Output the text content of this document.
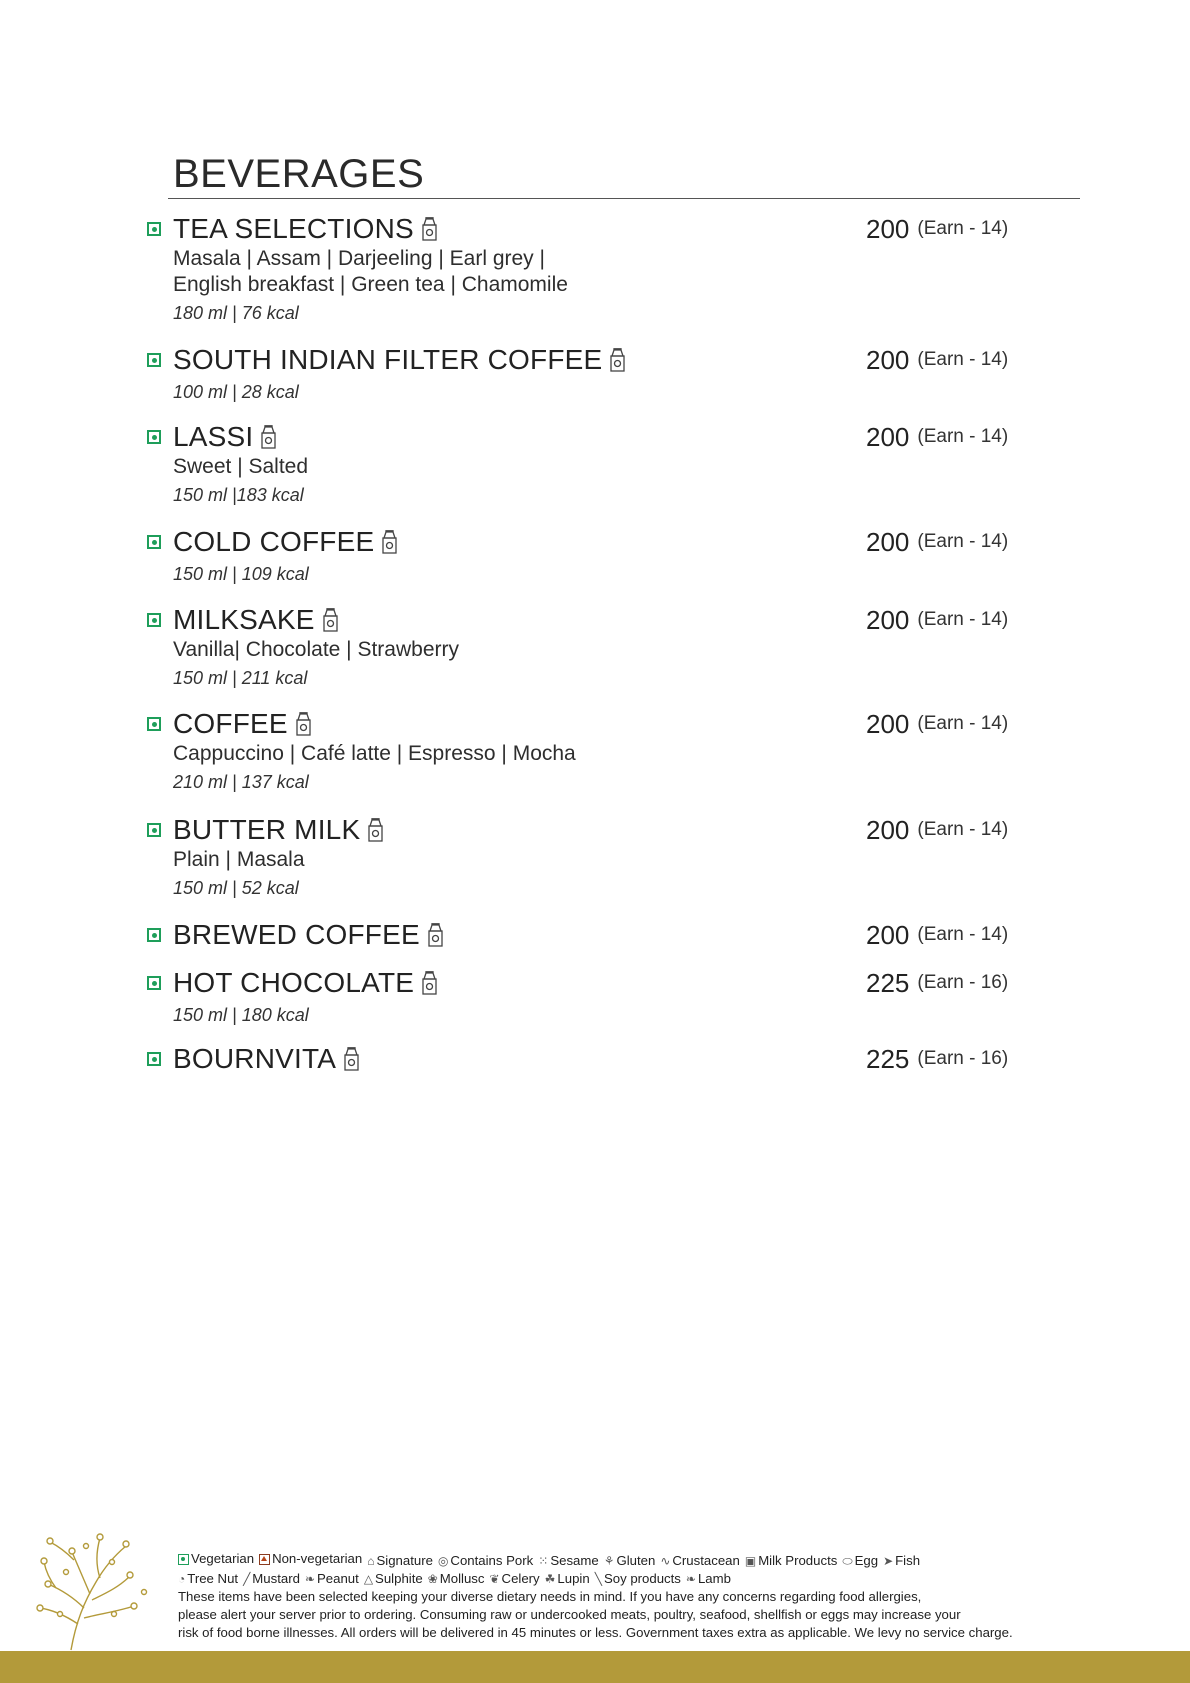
BEVERAGES
TEA SELECTIONS	200 (Earn - 14)
Masala | Assam | Darjeeling | Earl grey |
English breakfast | Green tea | Chamomile
180 ml | 76 kcal
SOUTH INDIAN FILTER COFFEE	200 (Earn - 14)
100 ml | 28 kcal
LASSI	200 (Earn - 14)
Sweet | Salted
150 ml |183 kcal
COLD COFFEE	200 (Earn - 14)
150 ml | 109 kcal
MILKSAKE	200 (Earn - 14)
Vanilla| Chocolate | Strawberry
150 ml | 211 kcal
COFFEE	200 (Earn - 14)
Cappuccino | Café latte | Espresso | Mocha
210 ml | 137 kcal
BUTTER MILK	200 (Earn - 14)
Plain | Masala
150 ml | 52 kcal
BREWED COFFEE	200 (Earn - 14)
HOT CHOCOLATE	225 (Earn - 16)
150 ml | 180 kcal
BOURNVITA	225 (Earn - 16)
Vegetarian Non-vegetarian ⌂ Signature ◎ Contains Pork ⁙ Sesame ⚘ Gluten ∿ Crustacean ▣ Milk Products ⬭ Egg ➤ Fish
◔ Tree Nut ╱ Mustard ❧ Peanut △ Sulphite ❀ Mollusc ❦ Celery ☘ Lupin ╲ Soy products ❧ Lamb
These items have been selected keeping your diverse dietary needs in mind. If you have any concerns regarding food allergies,
please alert your server prior to ordering. Consuming raw or undercooked meats, poultry, seafood, shellfish or eggs may increase your
risk of food borne illnesses. All orders will be delivered in 45 minutes or less. Government taxes extra as applicable. We levy no service charge.
